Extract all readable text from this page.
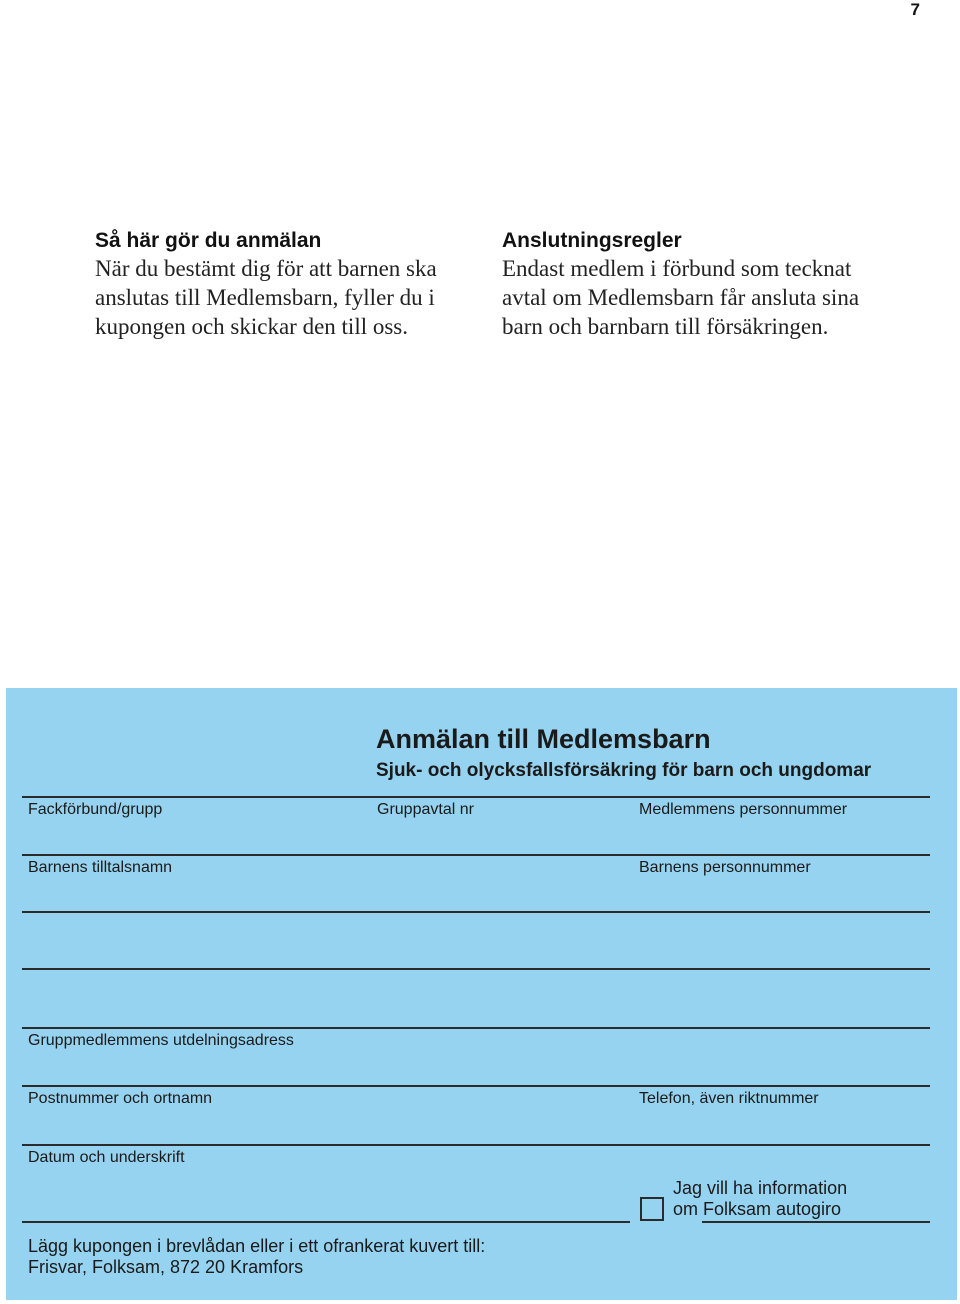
7

Så här gör du anmälan

När du bestämt dig för att barnen ska anslutas till Medlemsbarn, fyller du i kupongen och skickar den till oss.

Anslutningsregler

Endast medlem i förbund som tecknat avtal om Medlemsbarn får ansluta sina barn och barnbarn till försäkringen.

Anmälan till Medlemsbarn
Sjuk- och olycksfallsförsäkring för barn och ungdomar
Fackförbund/grupp	Gruppavtal nr	Medlemmens personnummer
Barnens tilltalsnamn	Barnens personnummer
Gruppmedlemmens utdelningsadress
Postnummer och ortnamn	Telefon, även riktnummer
Datum och underskrift
Jag vill ha information
om Folksam autogiro
Lägg kupongen i brevlådan eller i ett ofrankerat kuvert till:
Frisvar, Folksam, 872 20 Kramfors
